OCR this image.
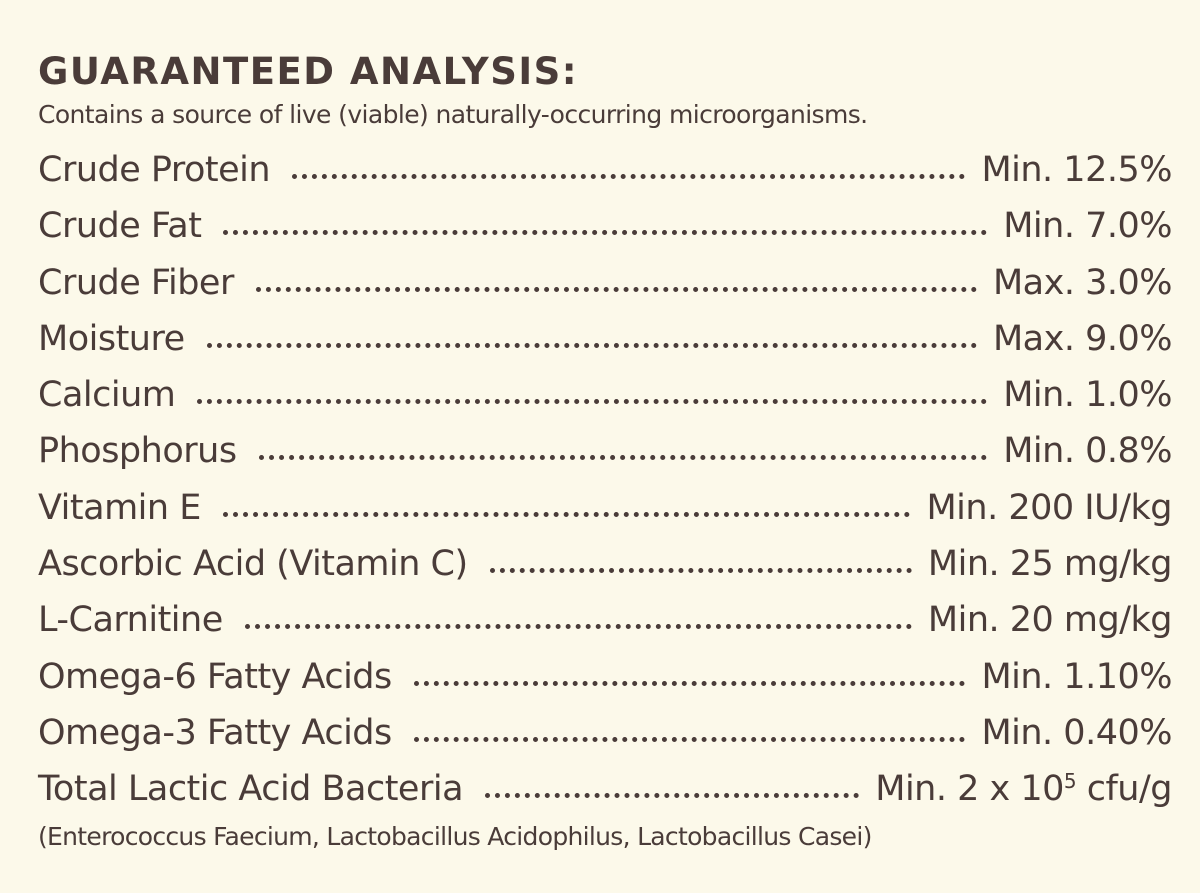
GUARANTEED ANALYSIS:
Contains a source of live (viable) naturally-occurring microorganisms.
Crude Protein	Min. 12.5%
Crude Fat	Min. 7.0%
Crude Fiber	Max. 3.0%
Moisture	Max. 9.0%
Calcium	Min. 1.0%
Phosphorus	Min. 0.8%
Vitamin E	Min. 200 IU/kg
Ascorbic Acid (Vitamin C)	Min. 25 mg/kg
L-Carnitine	Min. 20 mg/kg
Omega-6 Fatty Acids	Min. 1.10%
Omega-3 Fatty Acids	Min. 0.40%
Total Lactic Acid Bacteria	Min. 2 x $10^5$ cfu/g
(Enterococcus Faecium, Lactobacillus Acidophilus, Lactobacillus Casei)
